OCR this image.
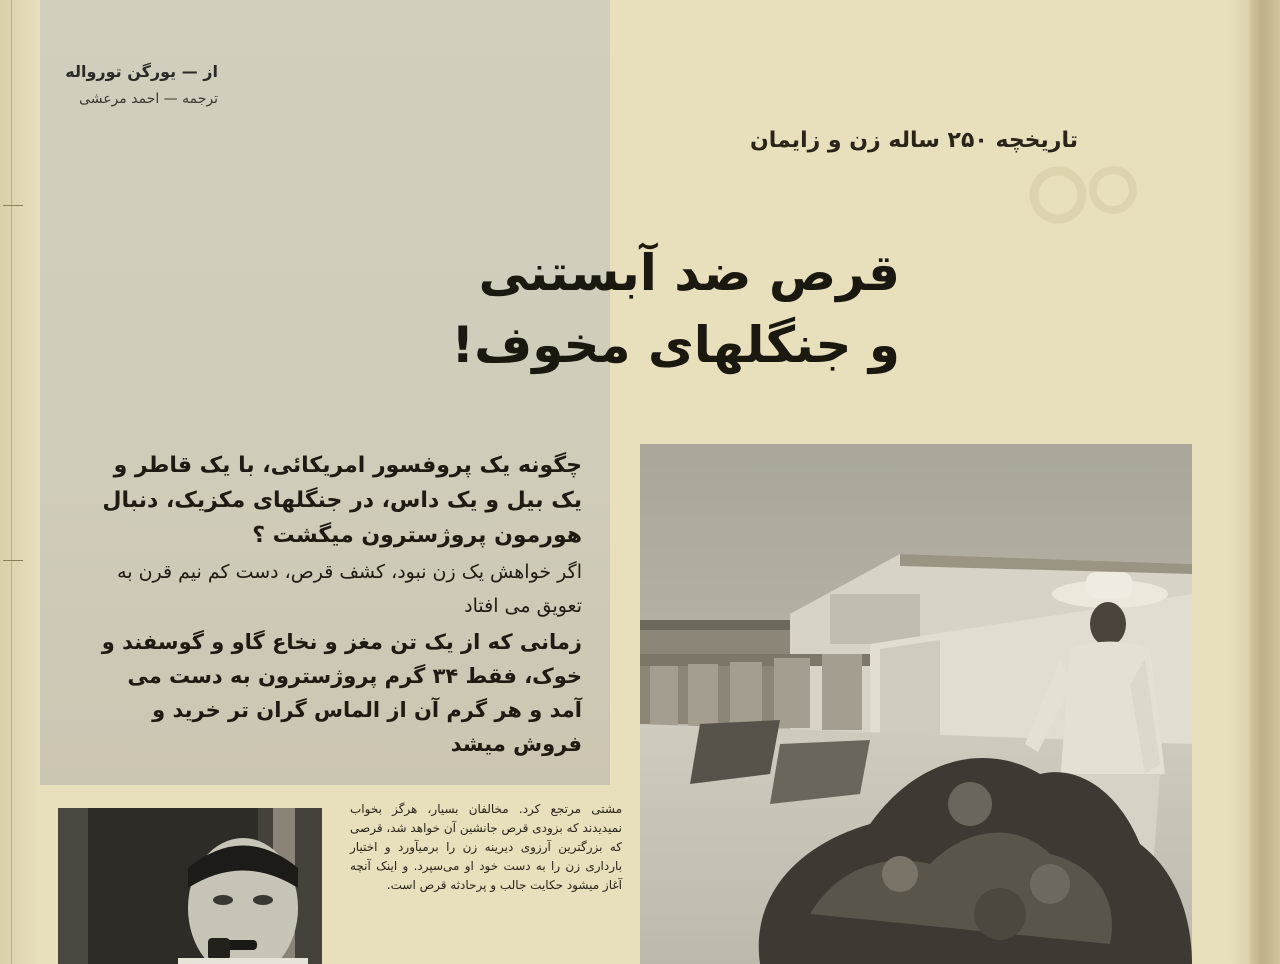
از — یورگن تورواله
ترجمه — احمد مرعشی
تاریخچه ۲۵۰ ساله زن و زایمان
قرص ضد آبستنی
و جنگلهای مخوف!

چگونه یک پروفسور امریکائی، با یک قاطر و یک بیل و یک داس، در جنگلهای مکزیک، دنبال هورمون پروژسترون میگشت ؟

اگر خواهش یک زن نبود، کشف قرص، دست کم نیم قرن به تعویق می افتاد

زمانی که از یک تن مغز و نخاع گاو و گوسفند و خوک، فقط ۳۴ گرم پروژسترون به دست می آمد و هر گرم آن از الماس گران تر خرید و فروش میشد

مشتی مرتجع کرد. مخالفان بسیار، هرگز بخواب نمیدیدند که بزودی قرص جانشین آن خواهد شد، قرصی که بزرگترین آرزوی دیرینه زن را برمیآورد و اختیار بارداری زن را به دست خود او می‌سپرد. و اینک آنچه آغاز میشود حکایت جالب و پرحادثه قرص است.
